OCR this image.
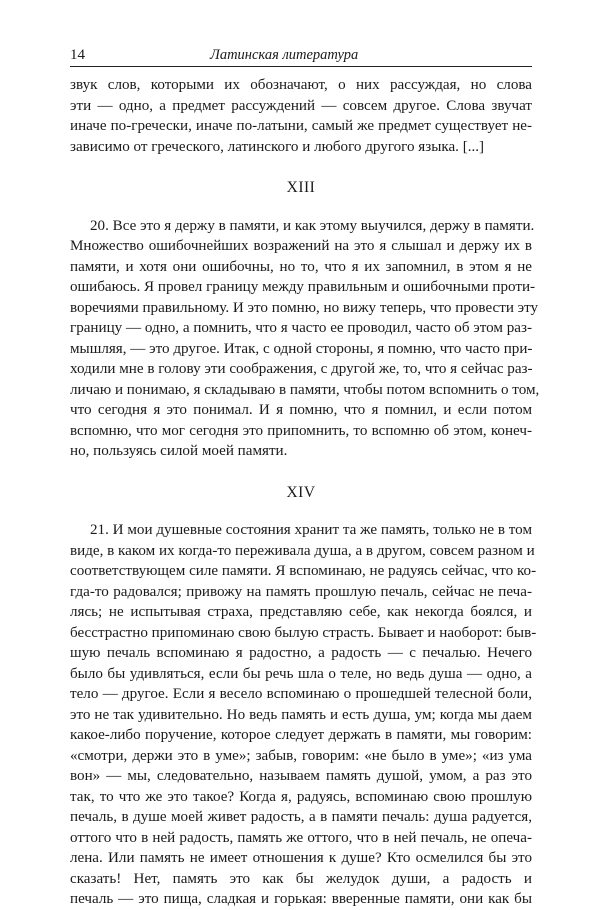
14	Латинская литература
звук слов, которыми их обозначают, о них рассуждая, но слова
эти — одно, а предмет рассуждений — совсем другое. Слова звучат
иначе по-гречески, иначе по-латыни, самый же предмет существует не-
зависимо от греческого, латинского и любого другого языка. [...]
XIII
20. Все это я держу в памяти, и как этому выучился, держу в памяти.
Множество ошибочнейших возражений на это я слышал и держу их в
памяти, и хотя они ошибочны, но то, что я их запомнил, в этом я не
ошибаюсь. Я провел границу между правильным и ошибочными проти-
воречиями правильному. И это помню, но вижу теперь, что провести эту
границу — одно, а помнить, что я часто ее проводил, часто об этом раз-
мышляя, — это другое. Итак, с одной стороны, я помню, что часто при-
ходили мне в голову эти соображения, с другой же, то, что я сейчас раз-
личаю и понимаю, я складываю в памяти, чтобы потом вспомнить о том,
что сегодня я это понимал. И я помню, что я помнил, и если потом
вспомню, что мог сегодня это припомнить, то вспомню об этом, конеч-
но, пользуясь силой моей памяти.
XIV
21. И мои душевные состояния хранит та же память, только не в том
виде, в каком их когда-то переживала душа, а в другом, совсем разном и
соответствующем силе памяти. Я вспоминаю, не радуясь сейчас, что ко-
гда-то радовался; привожу на память прошлую печаль, сейчас не печа-
лясь; не испытывая страха, представляю себе, как некогда боялся, и
бесстрастно припоминаю свою былую страсть. Бывает и наоборот: быв-
шую печаль вспоминаю я радостно, а радость — с печалью. Нечего
было бы удивляться, если бы речь шла о теле, но ведь душа — одно, а
тело — другое. Если я весело вспоминаю о прошедшей телесной боли,
это не так удивительно. Но ведь память и есть душа, ум; когда мы даем
какое-либо поручение, которое следует держать в памяти, мы говорим:
«смотри, держи это в уме»; забыв, говорим: «не было в уме»; «из ума
вон» — мы, следовательно, называем память душой, умом, а раз это
так, то что же это такое? Когда я, радуясь, вспоминаю свою прошлую
печаль, в душе моей живет радость, а в памяти печаль: душа радуется,
оттого что в ней радость, память же оттого, что в ней печаль, не опеча-
лена. Или память не имеет отношения к душе? Кто осмелился бы это
сказать! Нет, память это как бы желудок души, а радость и
печаль — это пища, сладкая и горькая: вверенные памяти, они как бы
